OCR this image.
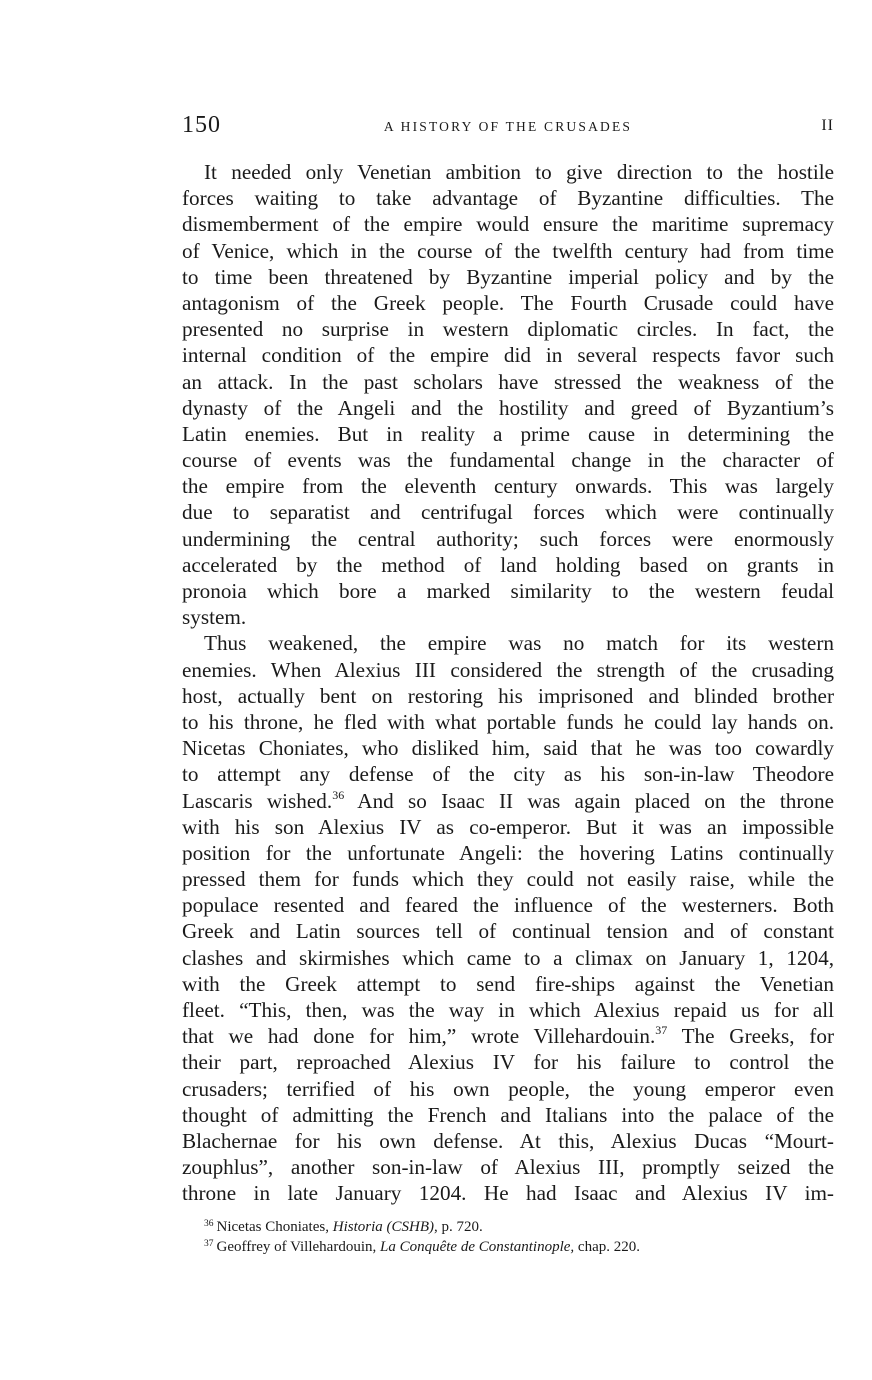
150	A HISTORY OF THE CRUSADES	II
It needed only Venetian ambition to give direction to the hostile
forces waiting to take advantage of Byzantine difficulties. The
dismemberment of the empire would ensure the maritime supremacy
of Venice, which in the course of the twelfth century had from time
to time been threatened by Byzantine imperial policy and by the
antagonism of the Greek people. The Fourth Crusade could have
presented no surprise in western diplomatic circles. In fact, the
internal condition of the empire did in several respects favor such
an attack. In the past scholars have stressed the weakness of the
dynasty of the Angeli and the hostility and greed of Byzantium’s
Latin enemies. But in reality a prime cause in determining the
course of events was the fundamental change in the character of
the empire from the eleventh century onwards. This was largely
due to separatist and centrifugal forces which were continually
undermining the central authority; such forces were enormously
accelerated by the method of land holding based on grants in
pronoia which bore a marked similarity to the western feudal
system.
Thus weakened, the empire was no match for its western
enemies. When Alexius III considered the strength of the crusading
host, actually bent on restoring his imprisoned and blinded brother
to his throne, he fled with what portable funds he could lay hands on.
Nicetas Choniates, who disliked him, said that he was too cowardly
to attempt any defense of the city as his son-in-law Theodore
Lascaris wished.$^{36}$ And so Isaac II was again placed on the throne
with his son Alexius IV as co-emperor. But it was an impossible
position for the unfortunate Angeli: the hovering Latins continually
pressed them for funds which they could not easily raise, while the
populace resented and feared the influence of the westerners. Both
Greek and Latin sources tell of continual tension and of constant
clashes and skirmishes which came to a climax on January 1, 1204,
with the Greek attempt to send fire-ships against the Venetian
fleet. “This, then, was the way in which Alexius repaid us for all
that we had done for him,” wrote Villehardouin.$^{37}$ The Greeks, for
their part, reproached Alexius IV for his failure to control the
crusaders; terrified of his own people, the young emperor even
thought of admitting the French and Italians into the palace of the
Blachernae for his own defense. At this, Alexius Ducas “Mourt-
zouphlus”, another son-in-law of Alexius III, promptly seized the
throne in late January 1204. He had Isaac and Alexius IV im-
$^{36}$ Nicetas Choniates, Historia (CSHB), p. 720.
$^{37}$ Geoffrey of Villehardouin, La Conquête de Constantinople, chap. 220.
